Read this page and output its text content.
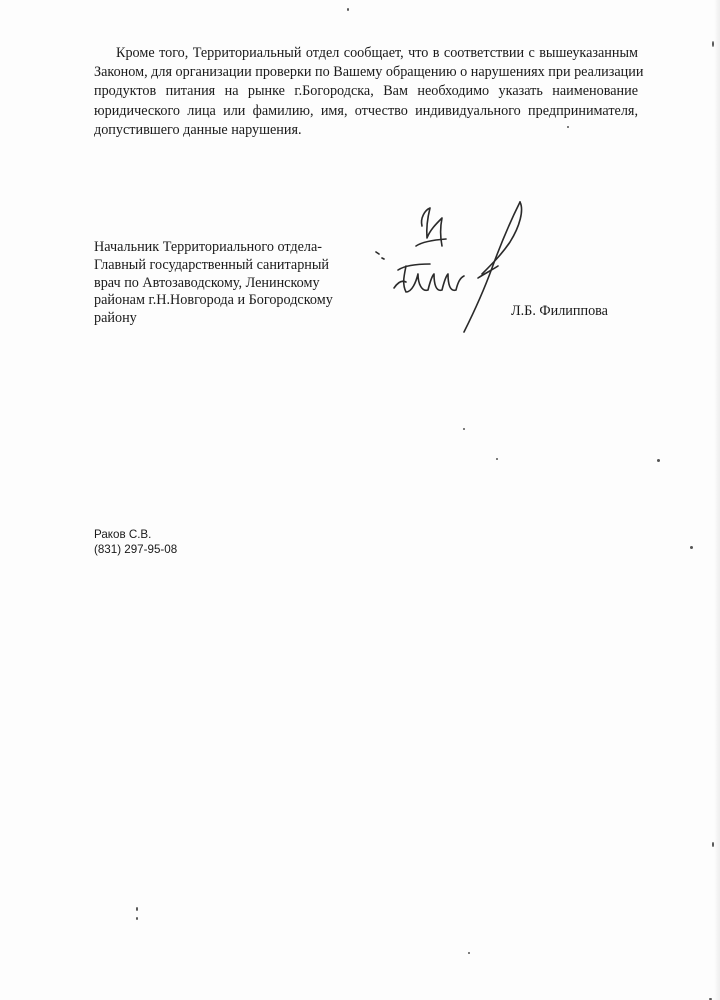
Кроме того, Территориальный отдел сообщает, что в соответствии с вышеуказанным
Законом, для организации проверки по Вашему обращению о нарушениях при реализации
продуктов питания на рынке г.Богородска, Вам необходимо указать наименование
юридического лица или фамилию, имя, отчество индивидуального предпринимателя,
допустившего данные нарушения.
Начальник Территориального отдела-
Главный государственный санитарный
врач по Автозаводскому, Ленинскому
районам г.Н.Новгорода и Богородскому
району	Л.Б. Филиппова
Раков С.В.
(831) 297-95-08
